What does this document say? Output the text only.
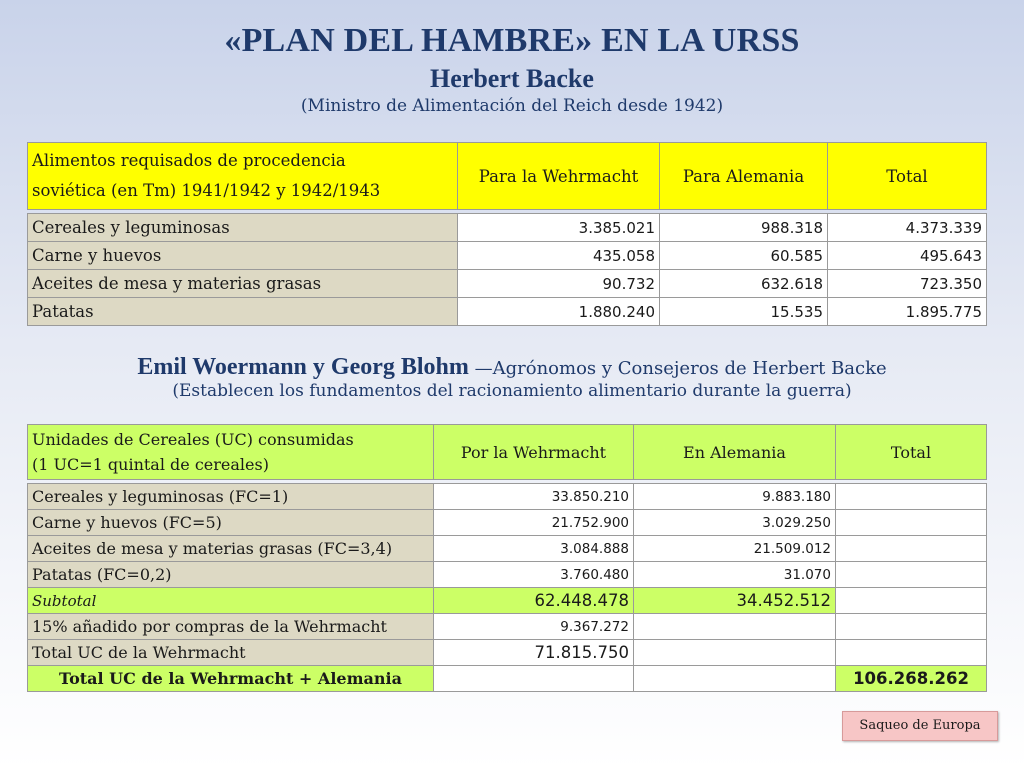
«PLAN DEL HAMBRE» EN LA URSS
Herbert Backe
(Ministro de Alimentación del Reich desde 1942)
Alimentos requisados de procedencia
soviética (en Tm) 1941/1942 y 1942/1943	Para la Wehrmacht	Para Alemania	Total

Cereales y leguminosas	3.385.021	988.318	4.373.339
Carne y huevos	435.058	60.585	495.643
Aceites de mesa y materias grasas	90.732	632.618	723.350
Patatas	1.880.240	15.535	1.895.775
Emil Woermann y Georg Blohm —Agrónomos y Consejeros de Herbert Backe
(Establecen los fundamentos del racionamiento alimentario durante la guerra)
Unidades de Cereales (UC) consumidas
(1 UC=1 quintal de cereales)	Por la Wehrmacht	En Alemania	Total

Cereales y leguminosas (FC=1)	33.850.210	9.883.180	
Carne y huevos (FC=5)	21.752.900	3.029.250	
Aceites de mesa y materias grasas (FC=3,4)	3.084.888	21.509.012	
Patatas (FC=0,2)	3.760.480	31.070	
Subtotal	62.448.478	34.452.512	
15% añadido por compras de la Wehrmacht	9.367.272		
Total UC de la Wehrmacht	71.815.750		
Total UC de la Wehrmacht + Alemania			106.268.262
Saqueo de Europa
